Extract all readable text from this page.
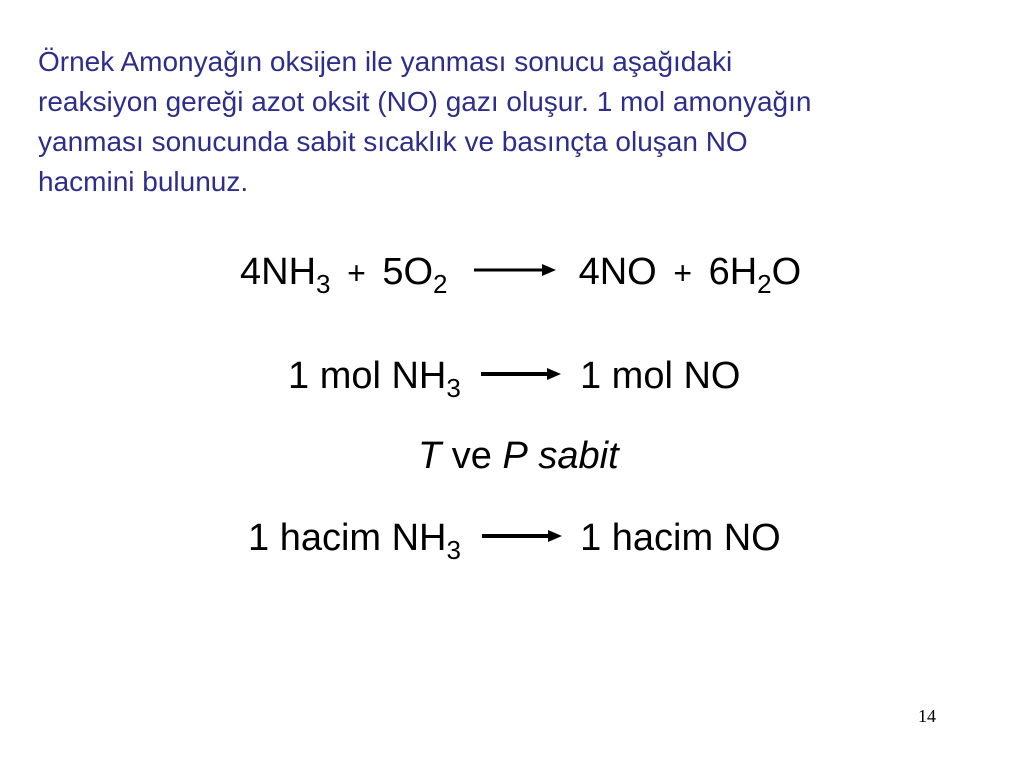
Örnek Amonyağın oksijen ile yanması sonucu aşağıdaki
reaksiyon gereği azot oksit (NO) gazı oluşur. 1 mol amonyağın
yanması sonucunda sabit sıcaklık ve basınçta oluşan NO
hacmini bulunuz.
$4NH_3 + 5O_2$	$4NO + 6H_2O$
1 mol $NH_3$	1 mol NO
T ve P sabit
1 hacim $NH_3$	1 hacim NO
14
